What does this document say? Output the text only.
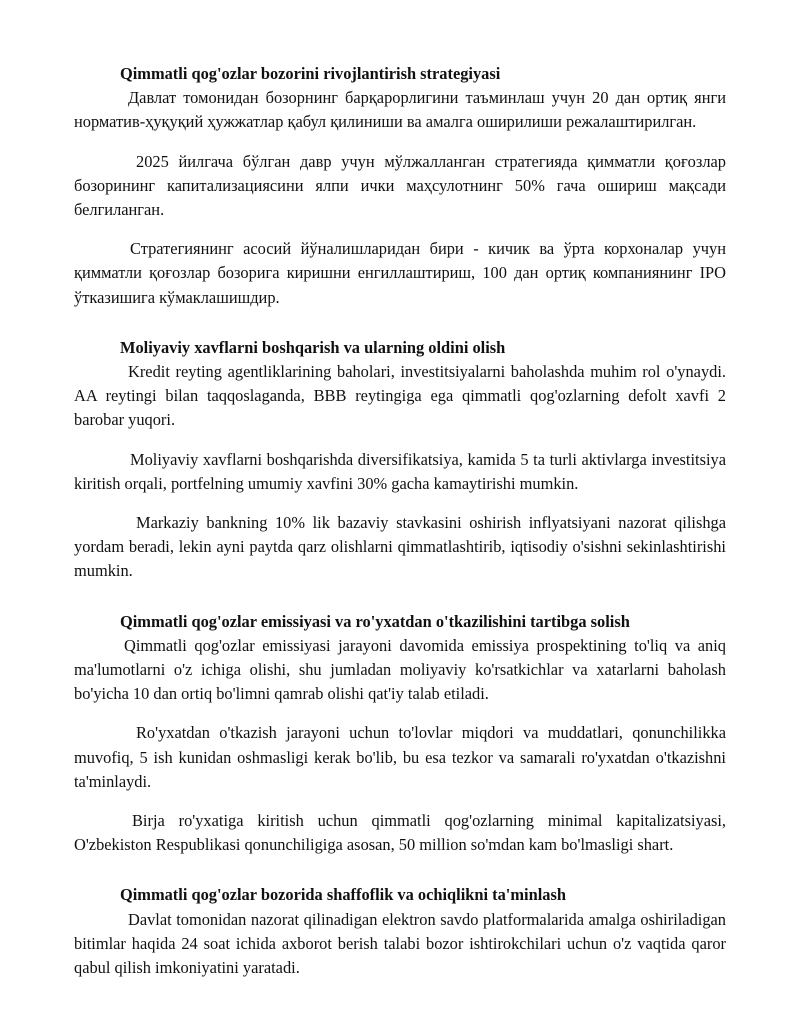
Qimmatli qog'ozlar bozorini rivojlantirish strategiyasi

Давлат томонидан бозорнинг барқарорлигини таъминлаш учун 20 дан ортиқ янги норматив-ҳуқуқий ҳужжатлар қабул қилиниши ва амалга оширилиши режалаштирилган.

2025 йилгача бўлган давр учун мўлжалланган стратегияда қимматли қоғозлар бозорининг капитализациясини ялпи ички маҳсулотнинг 50% гача ошириш мақсади белгиланган.

Стратегиянинг асосий йўналишларидан бири - кичик ва ўрта корхоналар учун қимматли қоғозлар бозорига киришни енгиллаштириш, 100 дан ортиқ компаниянинг IPO ўтказишига кўмаклашишдир.

Moliyaviy xavflarni boshqarish va ularning oldini olish

Kredit reyting agentliklarining baholari, investitsiyalarni baholashda muhim rol o'ynaydi. AA reytingi bilan taqqoslaganda, BBB reytingiga ega qimmatli qog'ozlarning defolt xavfi 2 barobar yuqori.

Moliyaviy xavflarni boshqarishda diversifikatsiya, kamida 5 ta turli aktivlarga investitsiya kiritish orqali, portfelning umumiy xavfini 30% gacha kamaytirishi mumkin.

Markaziy bankning 10% lik bazaviy stavkasini oshirish inflyatsiyani nazorat qilishga yordam beradi, lekin ayni paytda qarz olishlarni qimmatlashtirib, iqtisodiy o'sishni sekinlashtirishi mumkin.

Qimmatli qog'ozlar emissiyasi va ro'yxatdan o'tkazilishini tartibga solish

Qimmatli qog'ozlar emissiyasi jarayoni davomida emissiya prospektining to'liq va aniq ma'lumotlarni o'z ichiga olishi, shu jumladan moliyaviy ko'rsatkichlar va xatarlarni baholash bo'yicha 10 dan ortiq bo'limni qamrab olishi qat'iy talab etiladi.

Ro'yxatdan o'tkazish jarayoni uchun to'lovlar miqdori va muddatlari, qonunchilikka muvofiq, 5 ish kunidan oshmasligi kerak bo'lib, bu esa tezkor va samarali ro'yxatdan o'tkazishni ta'minlaydi.

Birja ro'yxatiga kiritish uchun qimmatli qog'ozlarning minimal kapitalizatsiyasi, O'zbekiston Respublikasi qonunchiligiga asosan, 50 million so'mdan kam bo'lmasligi shart.

Qimmatli qog'ozlar bozorida shaffoflik va ochiqlikni ta'minlash

Davlat tomonidan nazorat qilinadigan elektron savdo platformalarida amalga oshiriladigan bitimlar haqida 24 soat ichida axborot berish talabi bozor ishtirokchilari uchun o'z vaqtida qaror qabul qilish imkoniyatini yaratadi.
